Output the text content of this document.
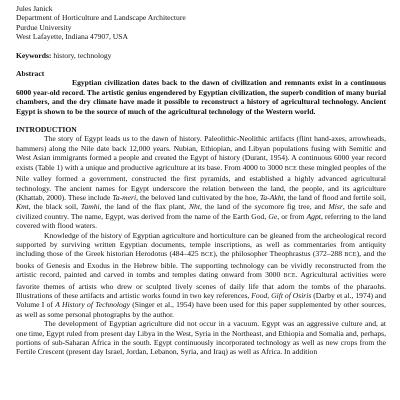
Jules Janick
Department of Horticulture and Landscape Architecture
Purdue University
West Lafayette, Indiana 47907, USA
Keywords: history, technology
Abstract

Egyptian civilization dates back to the dawn of civilization and remnants exist in a continuous 6000 year-old record. The artistic genius engendered by Egyptian civilization, the superb condition of many burial chambers, and the dry climate have made it possible to reconstruct a history of agricultural technology. Ancient Egypt is shown to be the source of much of the agricultural technology of the Western world.

INTRODUCTION

The story of Egypt leads us to the dawn of history. Paleolithic-Neolithic artifacts (flint hand-axes, arrowheads, hammers) along the Nile date back 12,000 years. Nubian, Ethiopian, and Libyan populations fusing with Semitic and West Asian immigrants formed a people and created the Egypt of history (Durant, 1954). A continuous 6000 year record exists (Table 1) with a unique and productive agriculture at its base. From 4000 to 3000 BCE these mingled peoples of the Nile valley formed a government, constructed the first pyramids, and established a highly advanced agricultural technology. The ancient names for Egypt underscore the relation between the land, the people, and its agriculture (Khattab, 2000). These include Ta-meri, the beloved land cultivated by the hoe, Ta-Akht, the land of flood and fertile soil, Kmt, the black soil, Tamhi, the land of the flax plant, Nht, the land of the sycomore fig tree, and Misr, the safe and civilized country. The name, Egypt, was derived from the name of the Earth God, Ge, or from Agpt, referring to the land covered with flood waters.

Knowledge of the history of Egyptian agriculture and horticulture can be gleaned from the archeological record supported by surviving written Egyptian documents, temple inscriptions, as well as commentaries from antiquity including those of the Greek historian Herodotus (484–425 BCE), the philosopher Theophrastus (372–288 BCE), and the books of Genesis and Exodus in the Hebrew bible. The supporting technology can be vividly reconstructed from the artistic record, painted and carved in tombs and temples dating onward from 3000 BCE. Agricultural activities were favorite themes of artists who drew or sculpted lively scenes of daily life that adorn the tombs of the pharaohs. Illustrations of these artifacts and artistic works found in two key references, Food, Gift of Osiris (Darby et al., 1974) and Volume I of A History of Technology (Singer et al., 1954) have been used for this paper supplemented by other sources, as well as some personal photographs by the author.

The development of Egyptian agriculture did not occur in a vacuum. Egypt was an aggressive culture and, at one time, Egypt ruled from present day Libya in the West, Syria in the Northeast, and Ethiopia and Somalia and, perhaps, portions of sub-Saharan Africa in the south. Egypt continuously incorporated technology as well as new crops from the Fertile Crescent (present day Israel, Jordan, Lebanon, Syria, and Iraq) as well as Africa. In addition
